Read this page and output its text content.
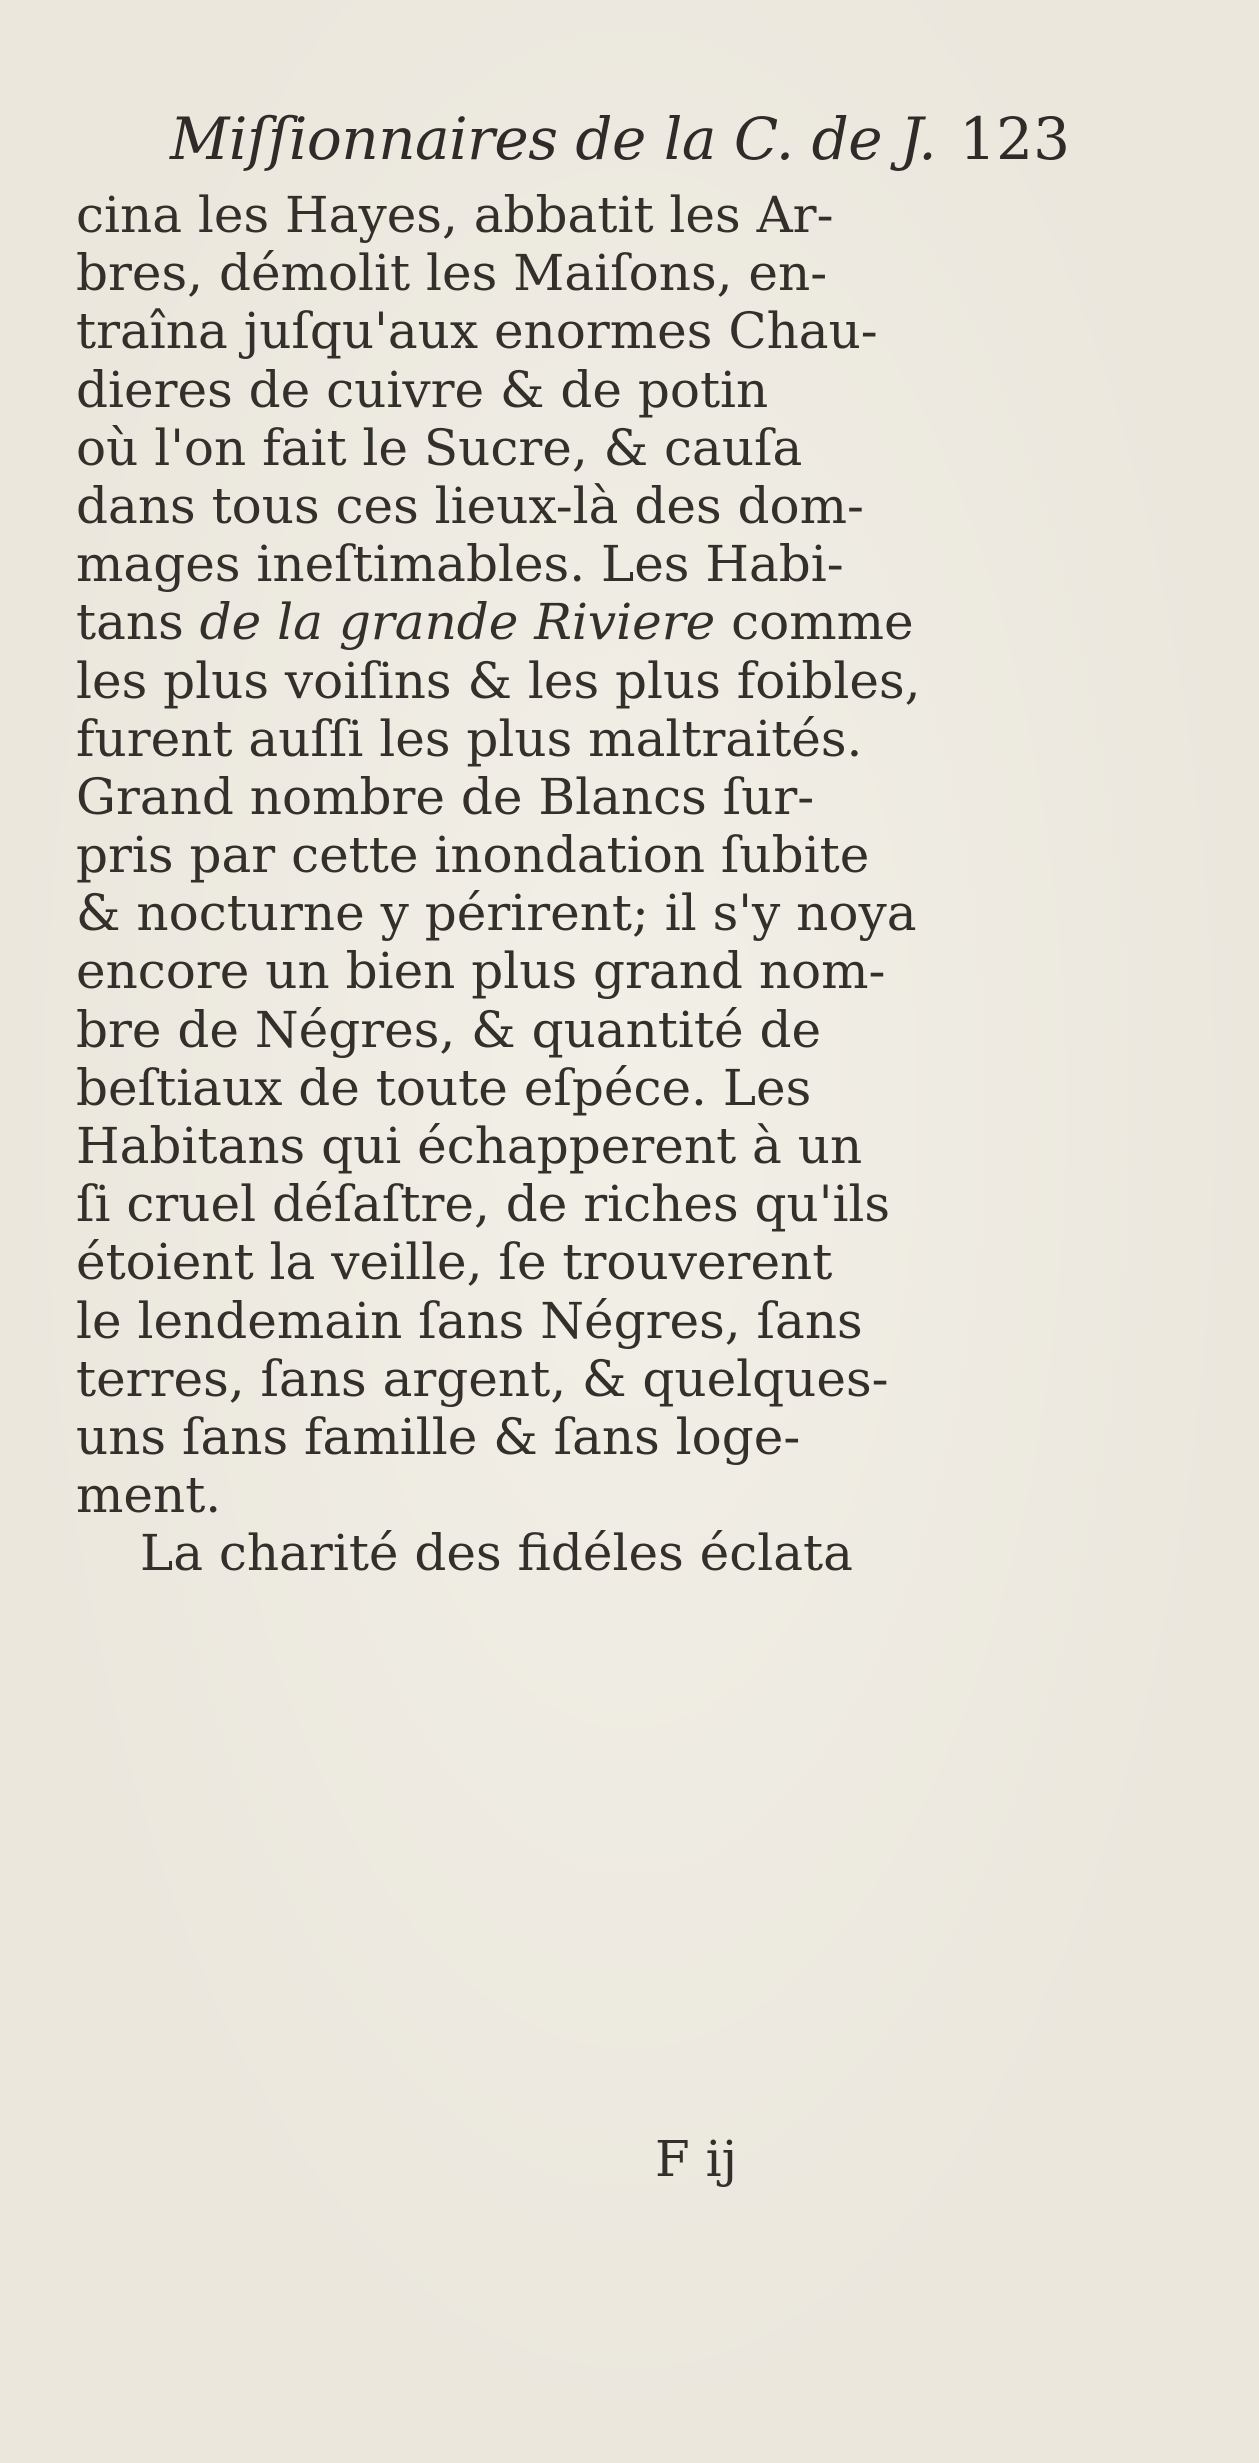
Miſſionnaires de la C. de J. 123
cina les Hayes, abbatit les Ar-
bres, démolit les Maiſons, en-
traîna juſqu'aux enormes Chau-
dieres de cuivre & de potin
où l'on fait le Sucre, & cauſa
dans tous ces lieux-là des dom-
mages ineſtimables. Les Habi-
tans de la grande Riviere comme
les plus voiſins & les plus foibles,
furent auſſi les plus maltraités.
Grand nombre de Blancs ſur-
pris par cette inondation ſubite
& nocturne y périrent; il s'y noya
encore un bien plus grand nom-
bre de Négres, & quantité de
beſtiaux de toute eſpéce. Les
Habitans qui échapperent à un
ſi cruel déſaſtre, de riches qu'ils
étoient la veille, ſe trouverent
le lendemain ſans Négres, ſans
terres, ſans argent, & quelques-
uns ſans famille & ſans loge-
ment.
La charité des fidéles éclata
F ij
